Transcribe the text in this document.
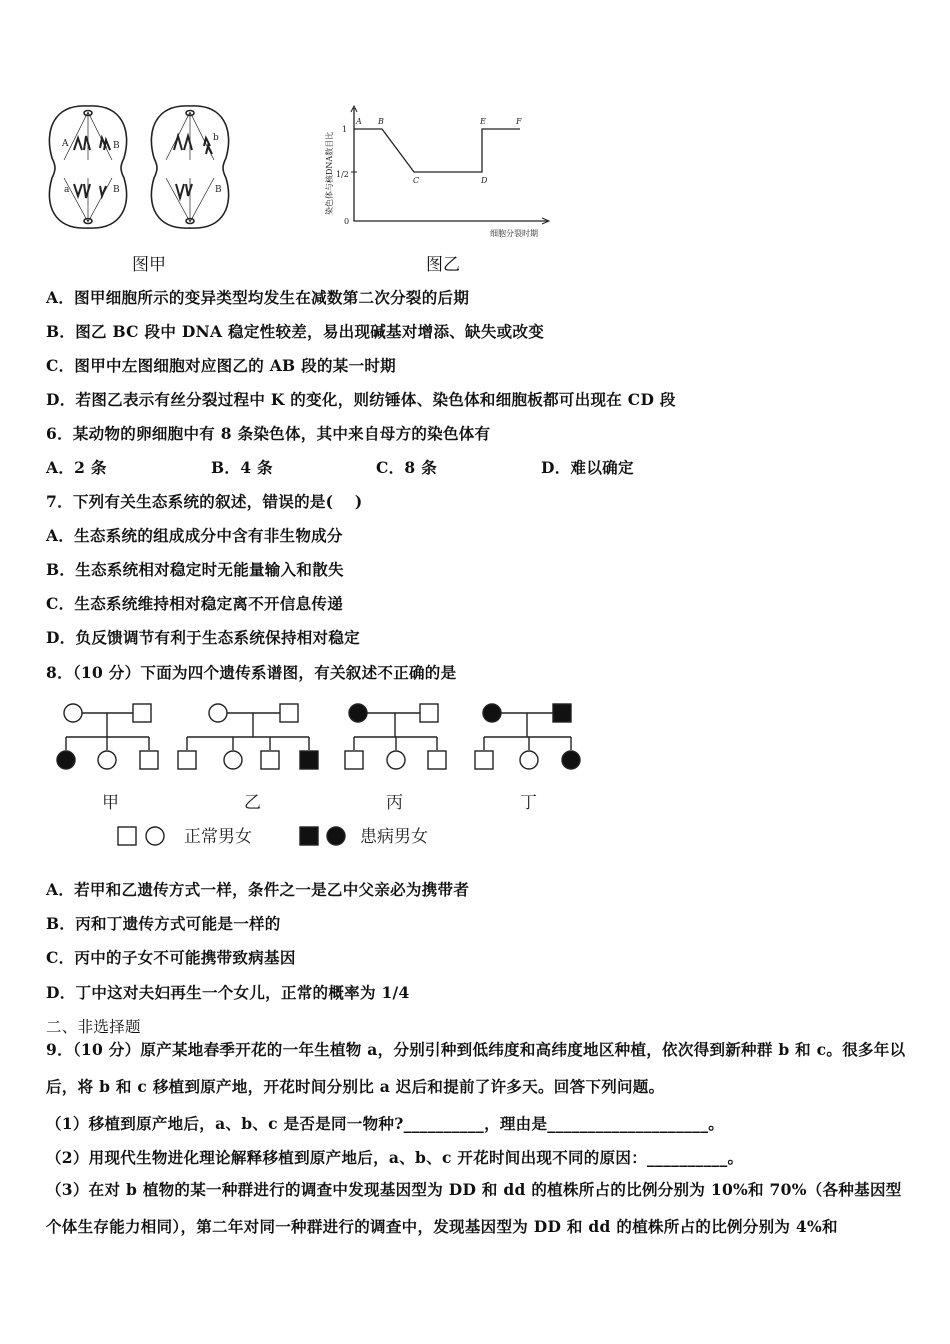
A	B
a	B
b
B
图甲
染色体与核DNA数目比
1
1/2
0
A B
C	D
E	F
细胞分裂时期
图乙
A．图甲细胞所示的变异类型均发生在减数第二次分裂的后期
B．图乙 BC 段中 DNA 稳定性较差，易出现碱基对增添、缺失或改变
C．图甲中左图细胞对应图乙的 AB 段的某一时期
D．若图乙表示有丝分裂过程中 K 的变化，则纺锤体、染色体和细胞板都可出现在 CD 段
6．某动物的卵细胞中有 8 条染色体，其中来自母方的染色体有
A．2 条	B．4 条	C．8 条	D．难以确定
7．下列有关生态系统的叙述，错误的是(　 )
A．生态系统的组成成分中含有非生物成分
B．生态系统相对稳定时无能量输入和散失
C．生态系统维持相对稳定离不开信息传递
D．负反馈调节有利于生态系统保持相对稳定
8．（10 分）下面为四个遗传系谱图，有关叙述不正确的是
甲	乙	丙	丁
正常男女	患病男女
A．若甲和乙遗传方式一样，条件之一是乙中父亲必为携带者
B．丙和丁遗传方式可能是一样的
C．丙中的子女不可能携带致病基因
D．丁中这对夫妇再生一个女儿，正常的概率为 1/4
二、非选择题
9．（10 分）原产某地春季开花的一年生植物 a，分别引种到低纬度和高纬度地区种植，依次得到新种群 b 和 c。很多年以后，将 b 和 c 移植到原产地，开花时间分别比 a 迟后和提前了许多天。回答下列问题。
（1）移植到原产地后，a、b、c 是否是同一物种?__________，理由是____________________。
（2）用现代生物进化理论解释移植到原产地后，a、b、c 开花时间出现不同的原因：__________。
（3）在对 b 植物的某一种群进行的调查中发现基因型为 DD 和 dd 的植株所占的比例分别为 10%和 70%（各种基因型个体生存能力相同），第二年对同一种群进行的调查中，发现基因型为 DD 和 dd 的植株所占的比例分别为 4%和
